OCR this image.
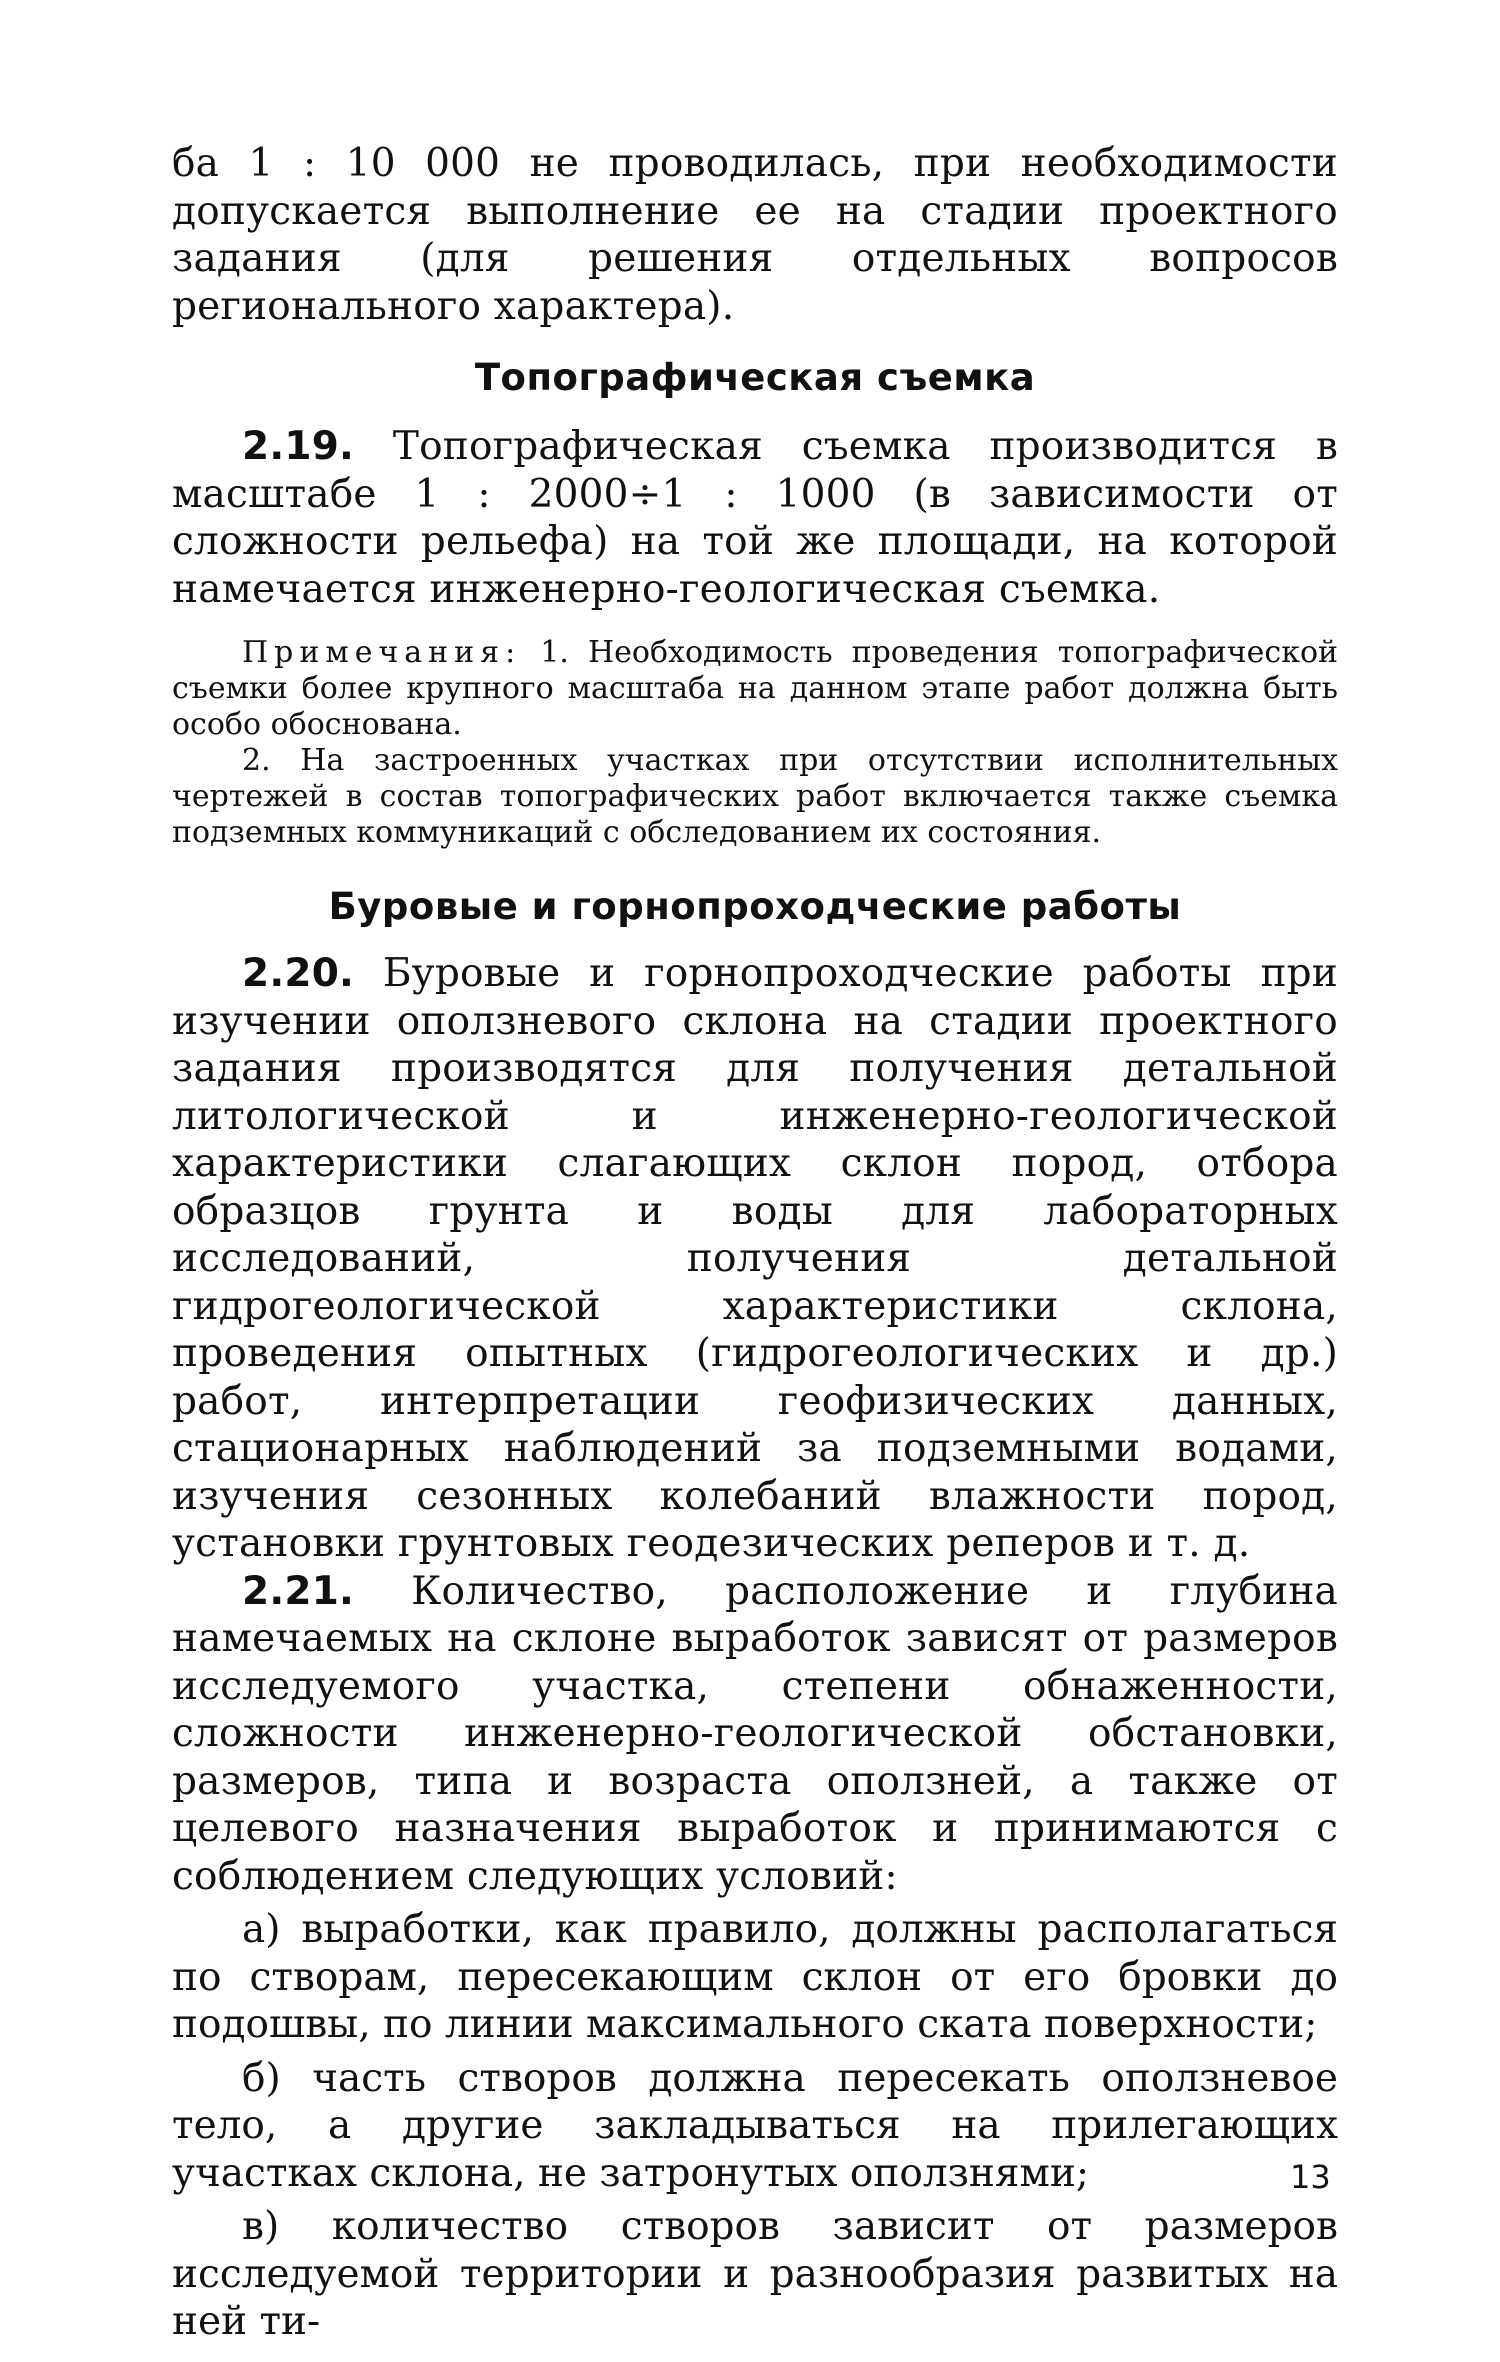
ба 1 : 10 000 не проводилась, при необходимости допускается выполнение ее на стадии проектного задания (для решения отдельных вопросов регионального характера).

Топографическая съемка

2.19. Топографическая съемка производится в масштабе 1 : 2000÷1 : 1000 (в зависимости от сложности рельефа) на той же площади, на которой намечается инженерно-геологическая съемка.

Примечания: 1. Необходимость проведения топографической съемки более крупного масштаба на данном этапе работ должна быть особо обоснована.

2. На застроенных участках при отсутствии исполнительных чертежей в состав топографических работ включается также съемка подземных коммуникаций с обследованием их состояния.

Буровые и горнопроходческие работы

2.20. Буровые и горнопроходческие работы при изучении оползневого склона на стадии проектного задания производятся для получения детальной литологической и инженерно-геологической характеристики слагающих склон пород, отбора образцов грунта и воды для лабораторных исследований, получения детальной гидрогеологической характеристики склона, проведения опытных (гидрогеологических и др.) работ, интерпретации геофизических данных, стационарных наблюдений за подземными водами, изучения сезонных колебаний влажности пород, установки грунтовых геодезических реперов и т. д.

2.21. Количество, расположение и глубина намечаемых на склоне выработок зависят от размеров исследуемого участка, степени обнаженности, сложности инженерно-геологической обстановки, размеров, типа и возраста оползней, а также от целевого назначения выработок и принимаются с соблюдением следующих условий:

а) выработки, как правило, должны располагаться по створам, пересекающим склон от его бровки до подошвы, по линии максимального ската поверхности;

б) часть створов должна пересекать оползневое тело, а другие закладываться на прилегающих участках склона, не затронутых оползнями;

в) количество створов зависит от размеров исследуемой территории и разнообразия развитых на ней ти-

13
